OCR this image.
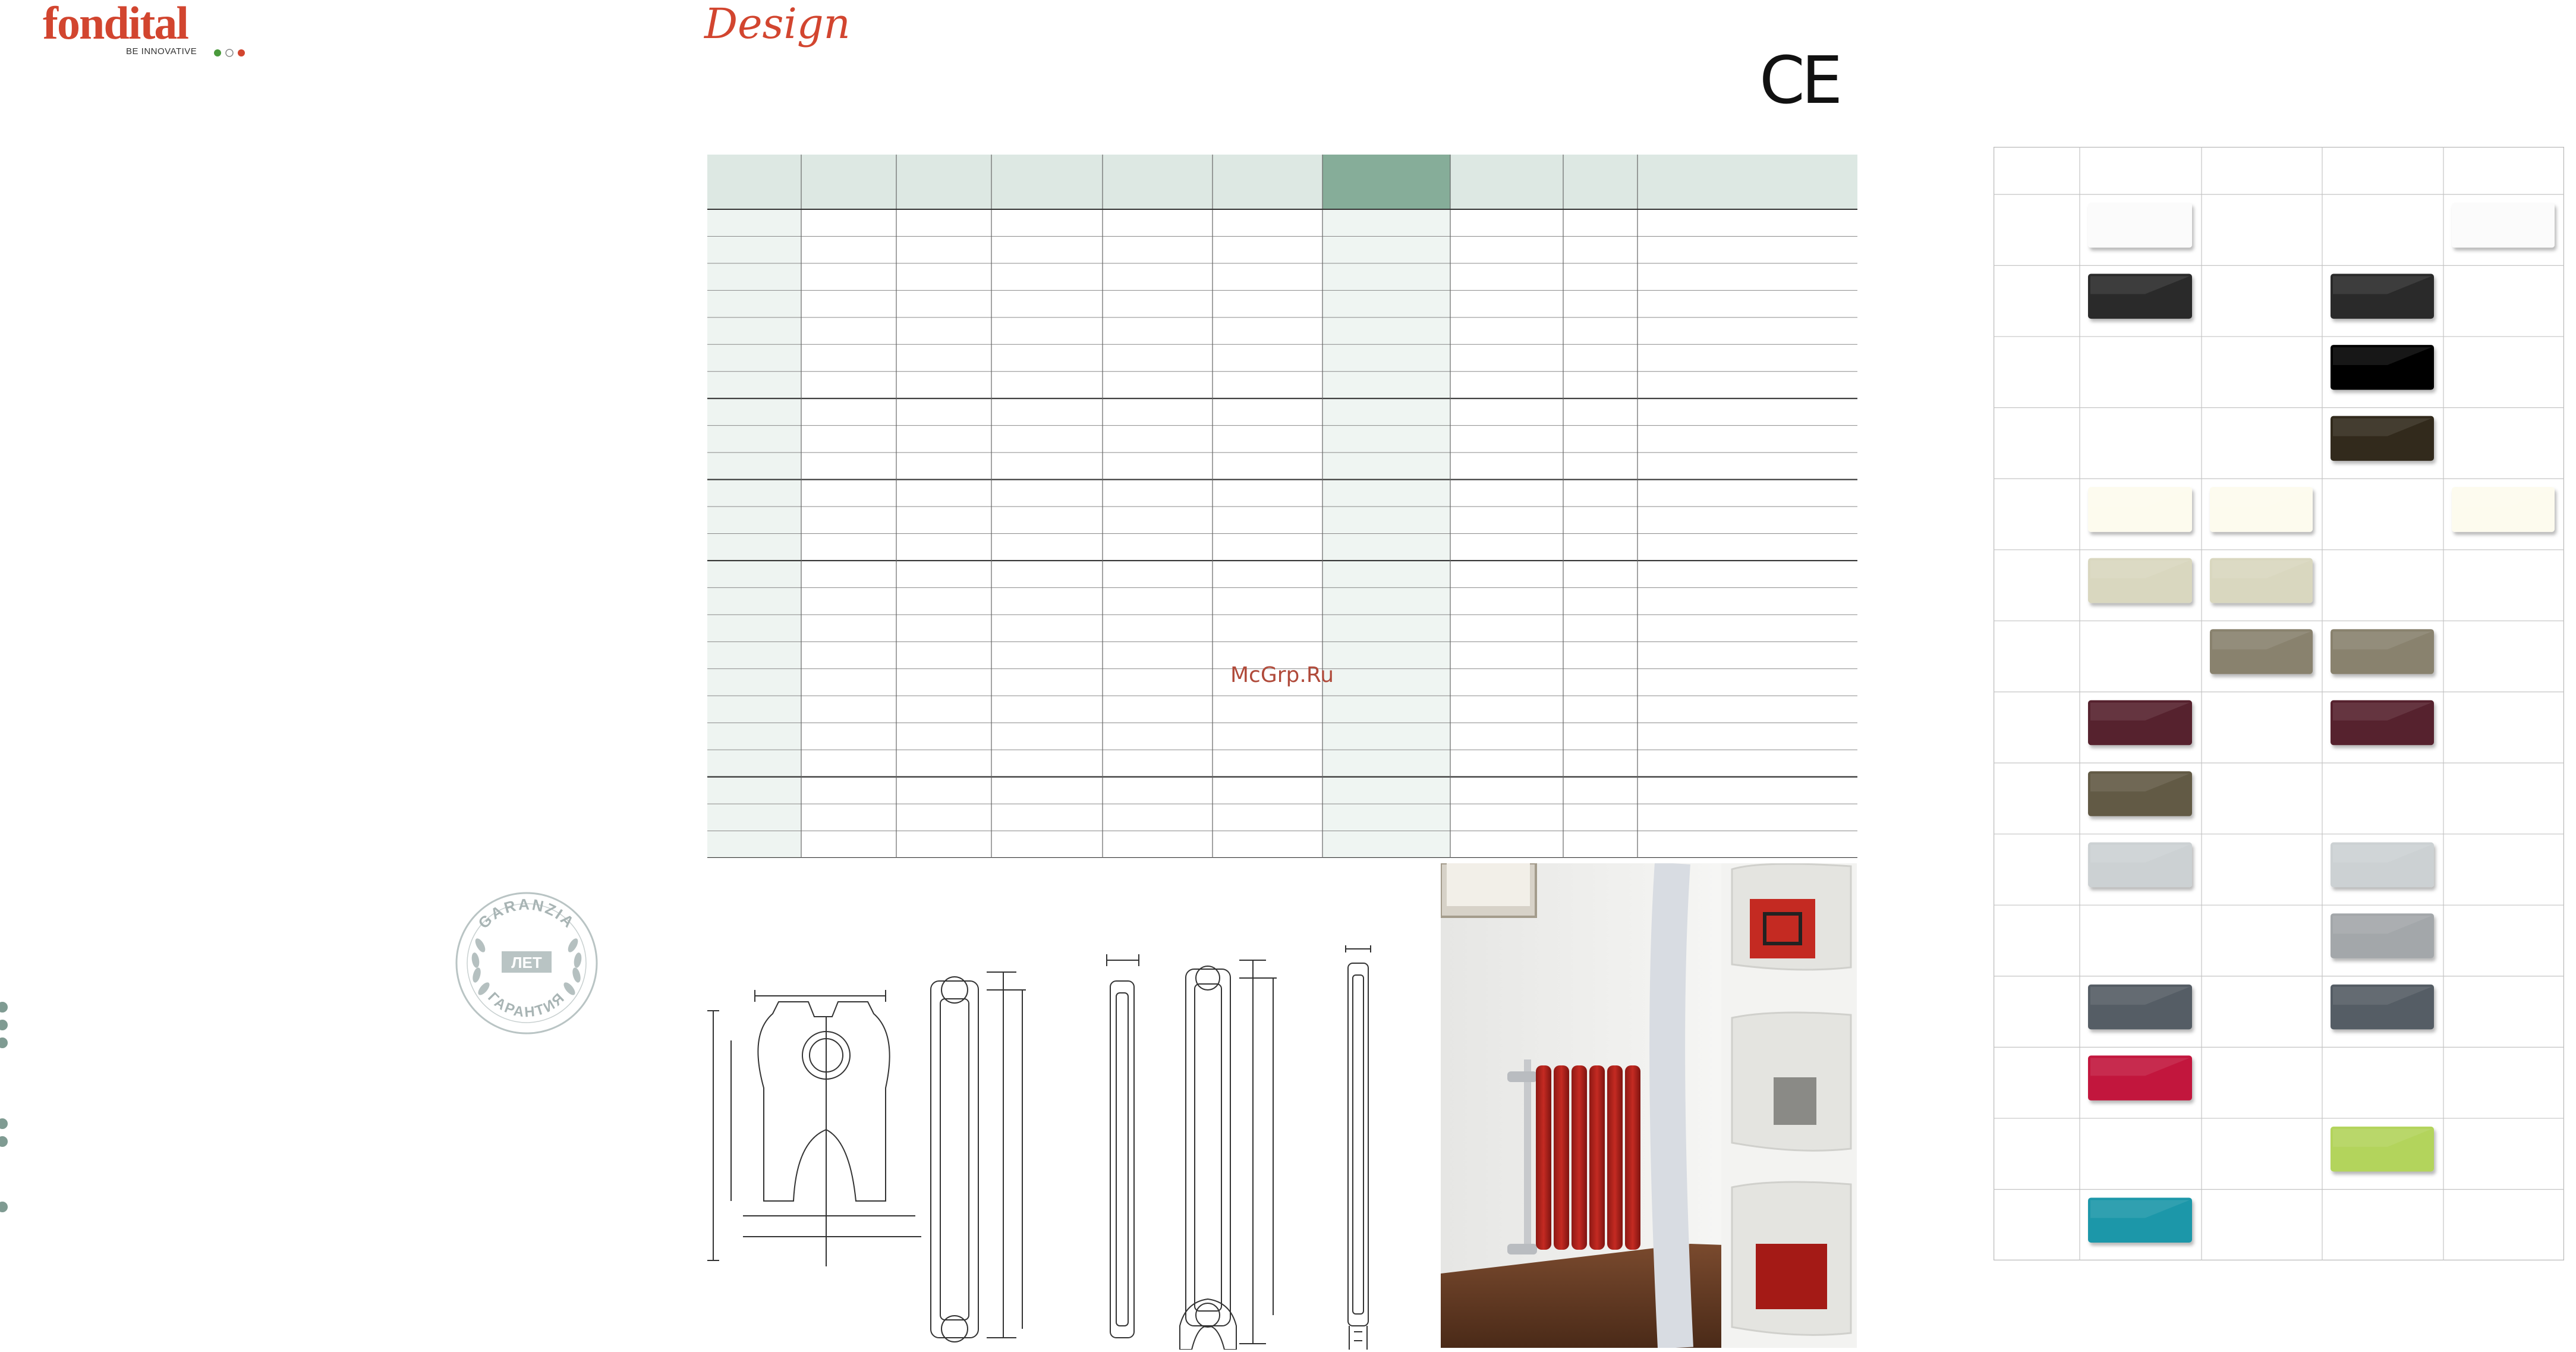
fondital
BE INNOVATIVE
Design
CE
McGrp.Ru
GARANZIA
ЛЕТ
ГАРАНТИЯ
